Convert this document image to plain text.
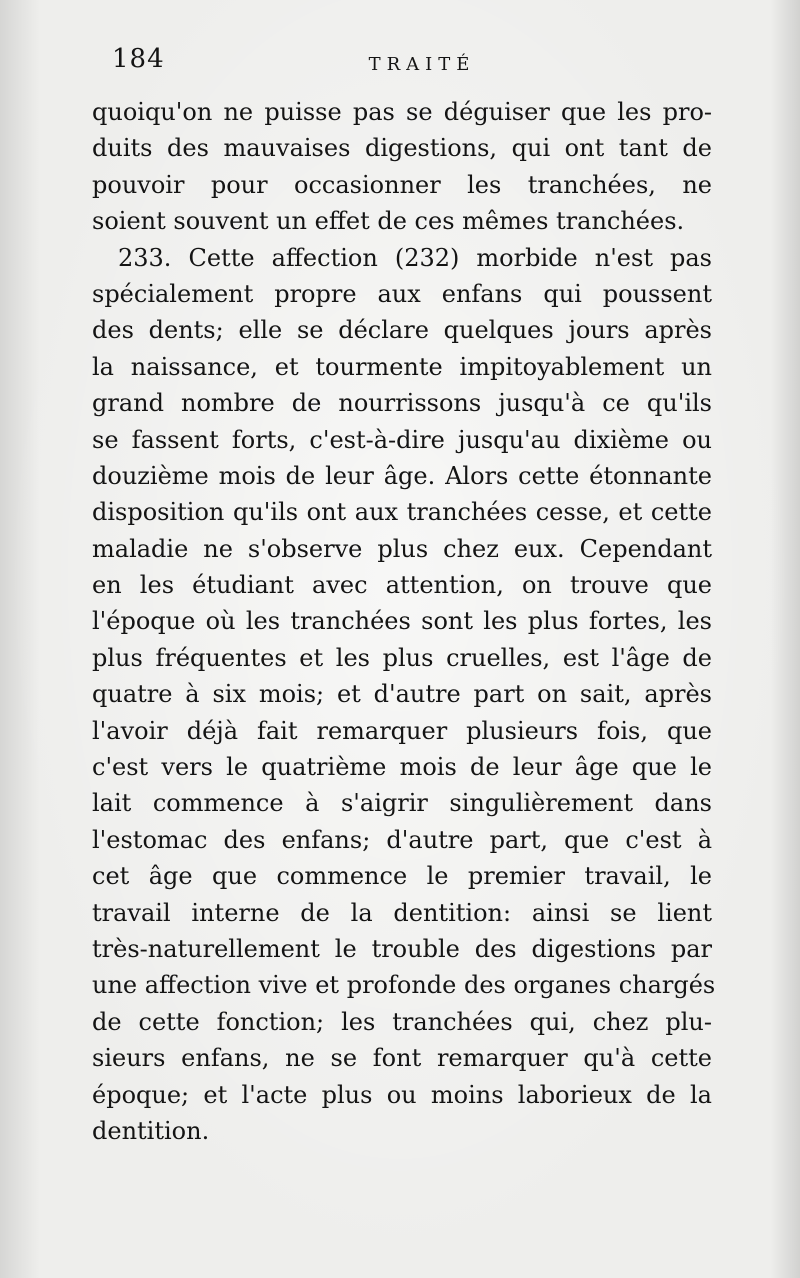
184	TRAITÉ
quoiqu'on ne puisse pas se déguiser que les pro-
duits des mauvaises digestions, qui ont tant de
pouvoir pour occasionner les tranchées, ne
soient souvent un effet de ces mêmes tranchées.
233. Cette affection (232) morbide n'est pas
spécialement propre aux enfans qui poussent
des dents; elle se déclare quelques jours après
la naissance, et tourmente impitoyablement un
grand nombre de nourrissons jusqu'à ce qu'ils
se fassent forts, c'est-à-dire jusqu'au dixième ou
douzième mois de leur âge. Alors cette étonnante
disposition qu'ils ont aux tranchées cesse, et cette
maladie ne s'observe plus chez eux. Cependant
en les étudiant avec attention, on trouve que
l'époque où les tranchées sont les plus fortes, les
plus fréquentes et les plus cruelles, est l'âge de
quatre à six mois; et d'autre part on sait, après
l'avoir déjà fait remarquer plusieurs fois, que
c'est vers le quatrième mois de leur âge que le
lait commence à s'aigrir singulièrement dans
l'estomac des enfans; d'autre part, que c'est à
cet âge que commence le premier travail, le
travail interne de la dentition: ainsi se lient
très-naturellement le trouble des digestions par
une affection vive et profonde des organes chargés
de cette fonction; les tranchées qui, chez plu-
sieurs enfans, ne se font remarquer qu'à cette
époque; et l'acte plus ou moins laborieux de la
dentition.
